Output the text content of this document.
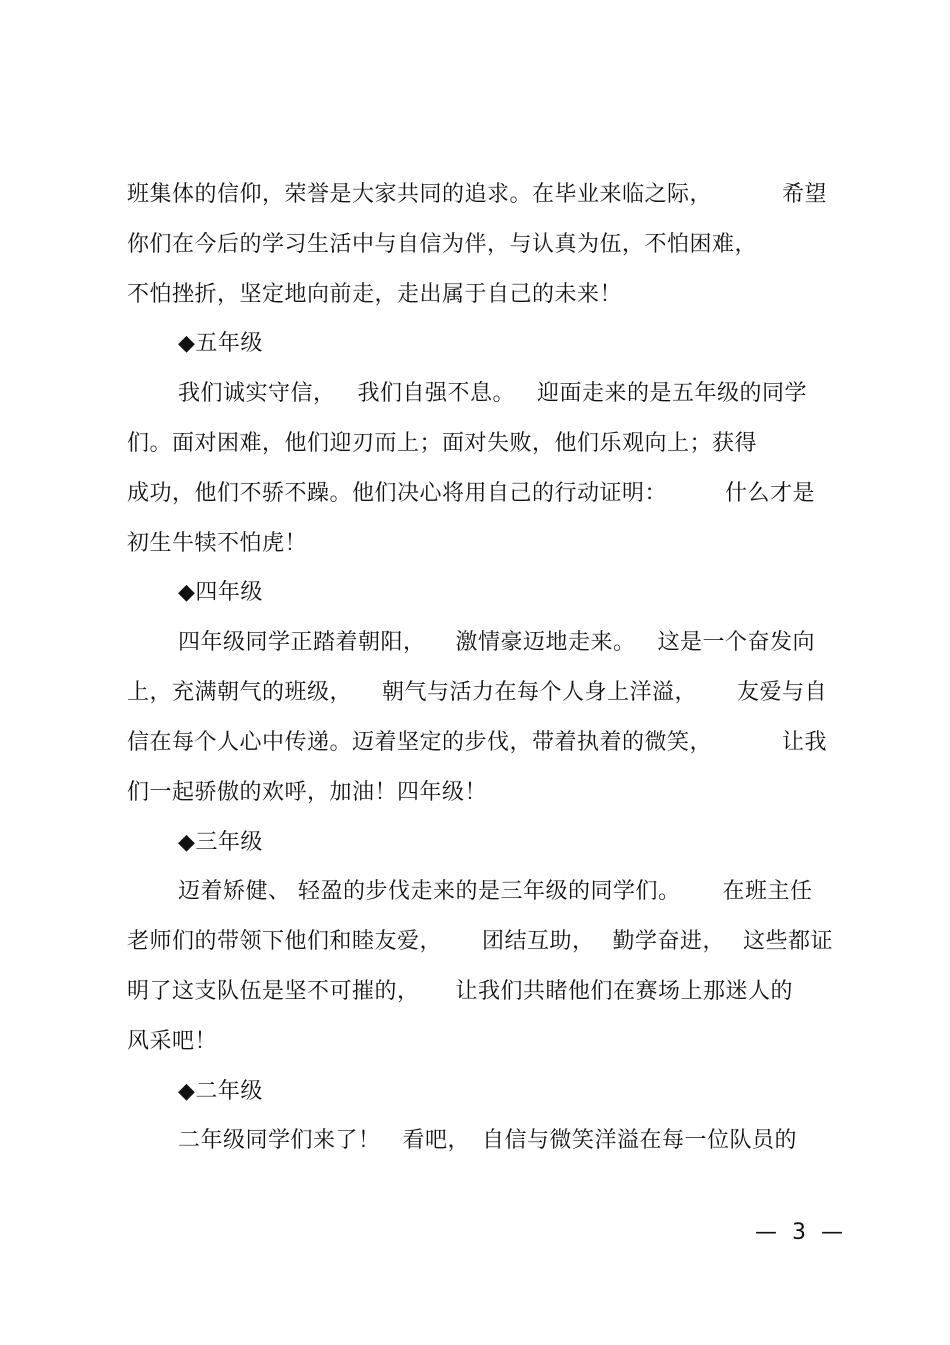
班集体的信仰，荣誉是大家共同的追求。在毕业来临之际，	希望
你们在今后的学习生活中与自信为伴，与认真为伍，不怕困难，
不怕挫折，坚定地向前走，走出属于自己的未来！
◆五年级
我们诚实守信， 我们自强不息。 迎面走来的是五年级的同学
们。面对困难，他们迎刃而上；面对失败，他们乐观向上；获得
成功，他们不骄不躁。他们决心将用自己的行动证明：	什么才是
初生牛犊不怕虎！
◆四年级
四年级同学正踏着朝阳， 激情豪迈地走来。 这是一个奋发向
上，充满朝气的班级， 朝气与活力在每个人身上洋溢， 友爱与自
信在每个人心中传递。迈着坚定的步伐，带着执着的微笑，	让我
们一起骄傲的欢呼，加油！四年级！
◆三年级
迈着矫健、 轻盈的步伐走来的是三年级的同学们。 在班主任
老师们的带领下他们和睦友爱， 团结互助， 勤学奋进， 这些都证
明了这支队伍是坚不可摧的， 让我们共睹他们在赛场上那迷人的
风采吧！
◆二年级
二年级同学们来了！ 看吧， 自信与微笑洋溢在每一位队员的
— 3 —
